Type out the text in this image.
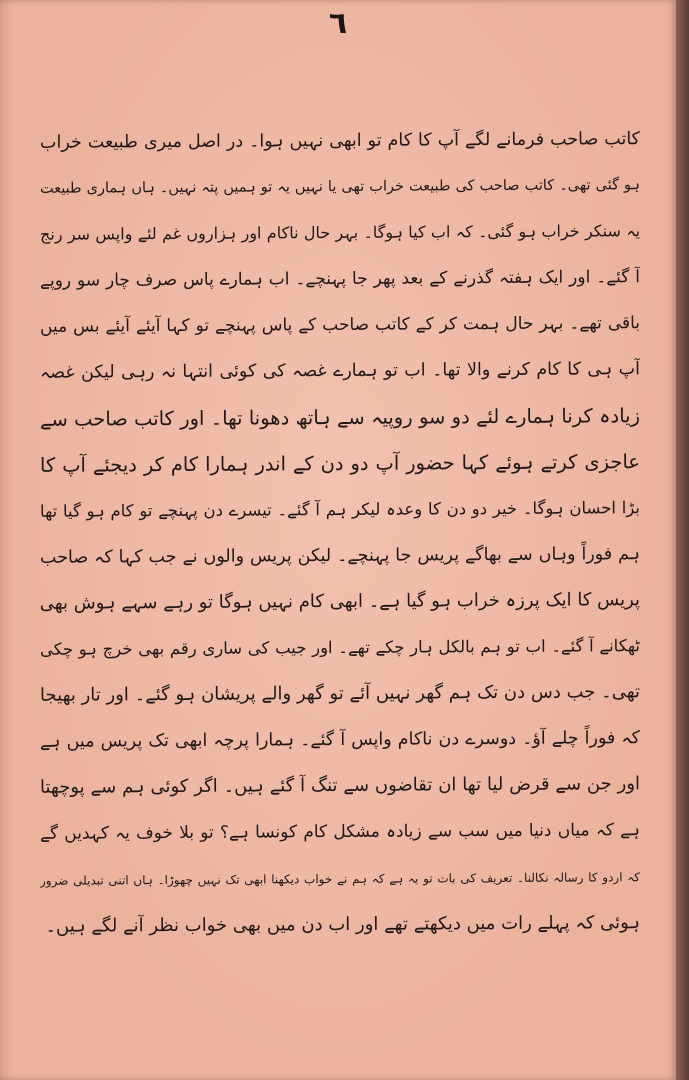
٦
کاتب صاحب فرمانے لگے آپ کا کام تو ابھی نہیں ہوا۔ در اصل میری طبیعت خراب
ہو گئی تھی۔ کاتب صاحب کی طبیعت خراب تھی یا نہیں یہ تو ہمیں پتہ نہیں۔ ہاں ہماری طبیعت
یہ سنکر خراب ہو گئی۔ کہ اب کیا ہوگا۔ بہر حال ناکام اور ہزاروں غم لئے واپس سر رنج
آ گئے۔ اور ایک ہفتہ گذرنے کے بعد پھر جا پہنچے۔ اب ہمارے پاس صرف چار سو روپے
باقی تھے۔ بہر حال ہمت کر کے کاتب صاحب کے پاس پہنچے تو کہا آیئے آیئے بس میں
آپ ہی کا کام کرنے والا تھا۔ اب تو ہمارے غصہ کی کوئی انتہا نہ رہی لیکن غصہ
زیادہ کرنا ہمارے لئے دو سو روپیہ سے ہاتھ دھونا تھا۔ اور کاتب صاحب سے
عاجزی کرتے ہوئے کہا حضور آپ دو دن کے اندر ہمارا کام کر دیجئے آپ کا
بڑا احسان ہوگا۔ خیر دو دن کا وعدہ لیکر ہم آ گئے۔ تیسرے دن پہنچے تو کام ہو گیا تھا
ہم فوراً وہاں سے بھاگے پریس جا پہنچے۔ لیکن پریس والوں نے جب کہا کہ صاحب
پریس کا ایک پرزہ خراب ہو گیا ہے۔ ابھی کام نہیں ہوگا تو رہے سہے ہوش بھی
ٹھکانے آ گئے۔ اب تو ہم بالکل ہار چکے تھے۔ اور جیب کی ساری رقم بھی خرچ ہو چکی
تھی۔ جب دس دن تک ہم گھر نہیں آئے تو گھر والے پریشان ہو گئے۔ اور تار بھیجا
کہ فوراً چلے آؤ۔ دوسرے دن ناکام واپس آ گئے۔ ہمارا پرچہ ابھی تک پریس میں ہے
اور جن سے قرض لیا تھا ان تقاضوں سے تنگ آ گئے ہیں۔ اگر کوئی ہم سے پوچھتا
ہے کہ میاں دنیا میں سب سے زیادہ مشکل کام کونسا ہے؟ تو بلا خوف یہ کہدیں گے
کہ اردو کا رسالہ نکالنا۔ تعریف کی بات تو یہ ہے کہ ہم نے خواب دیکھنا ابھی تک نہیں چھوڑا۔ ہاں اتنی تبدیلی ضرور
ہوئی کہ پہلے رات میں دیکھتے تھے اور اب دن میں بھی خواب نظر آنے لگے ہیں۔
